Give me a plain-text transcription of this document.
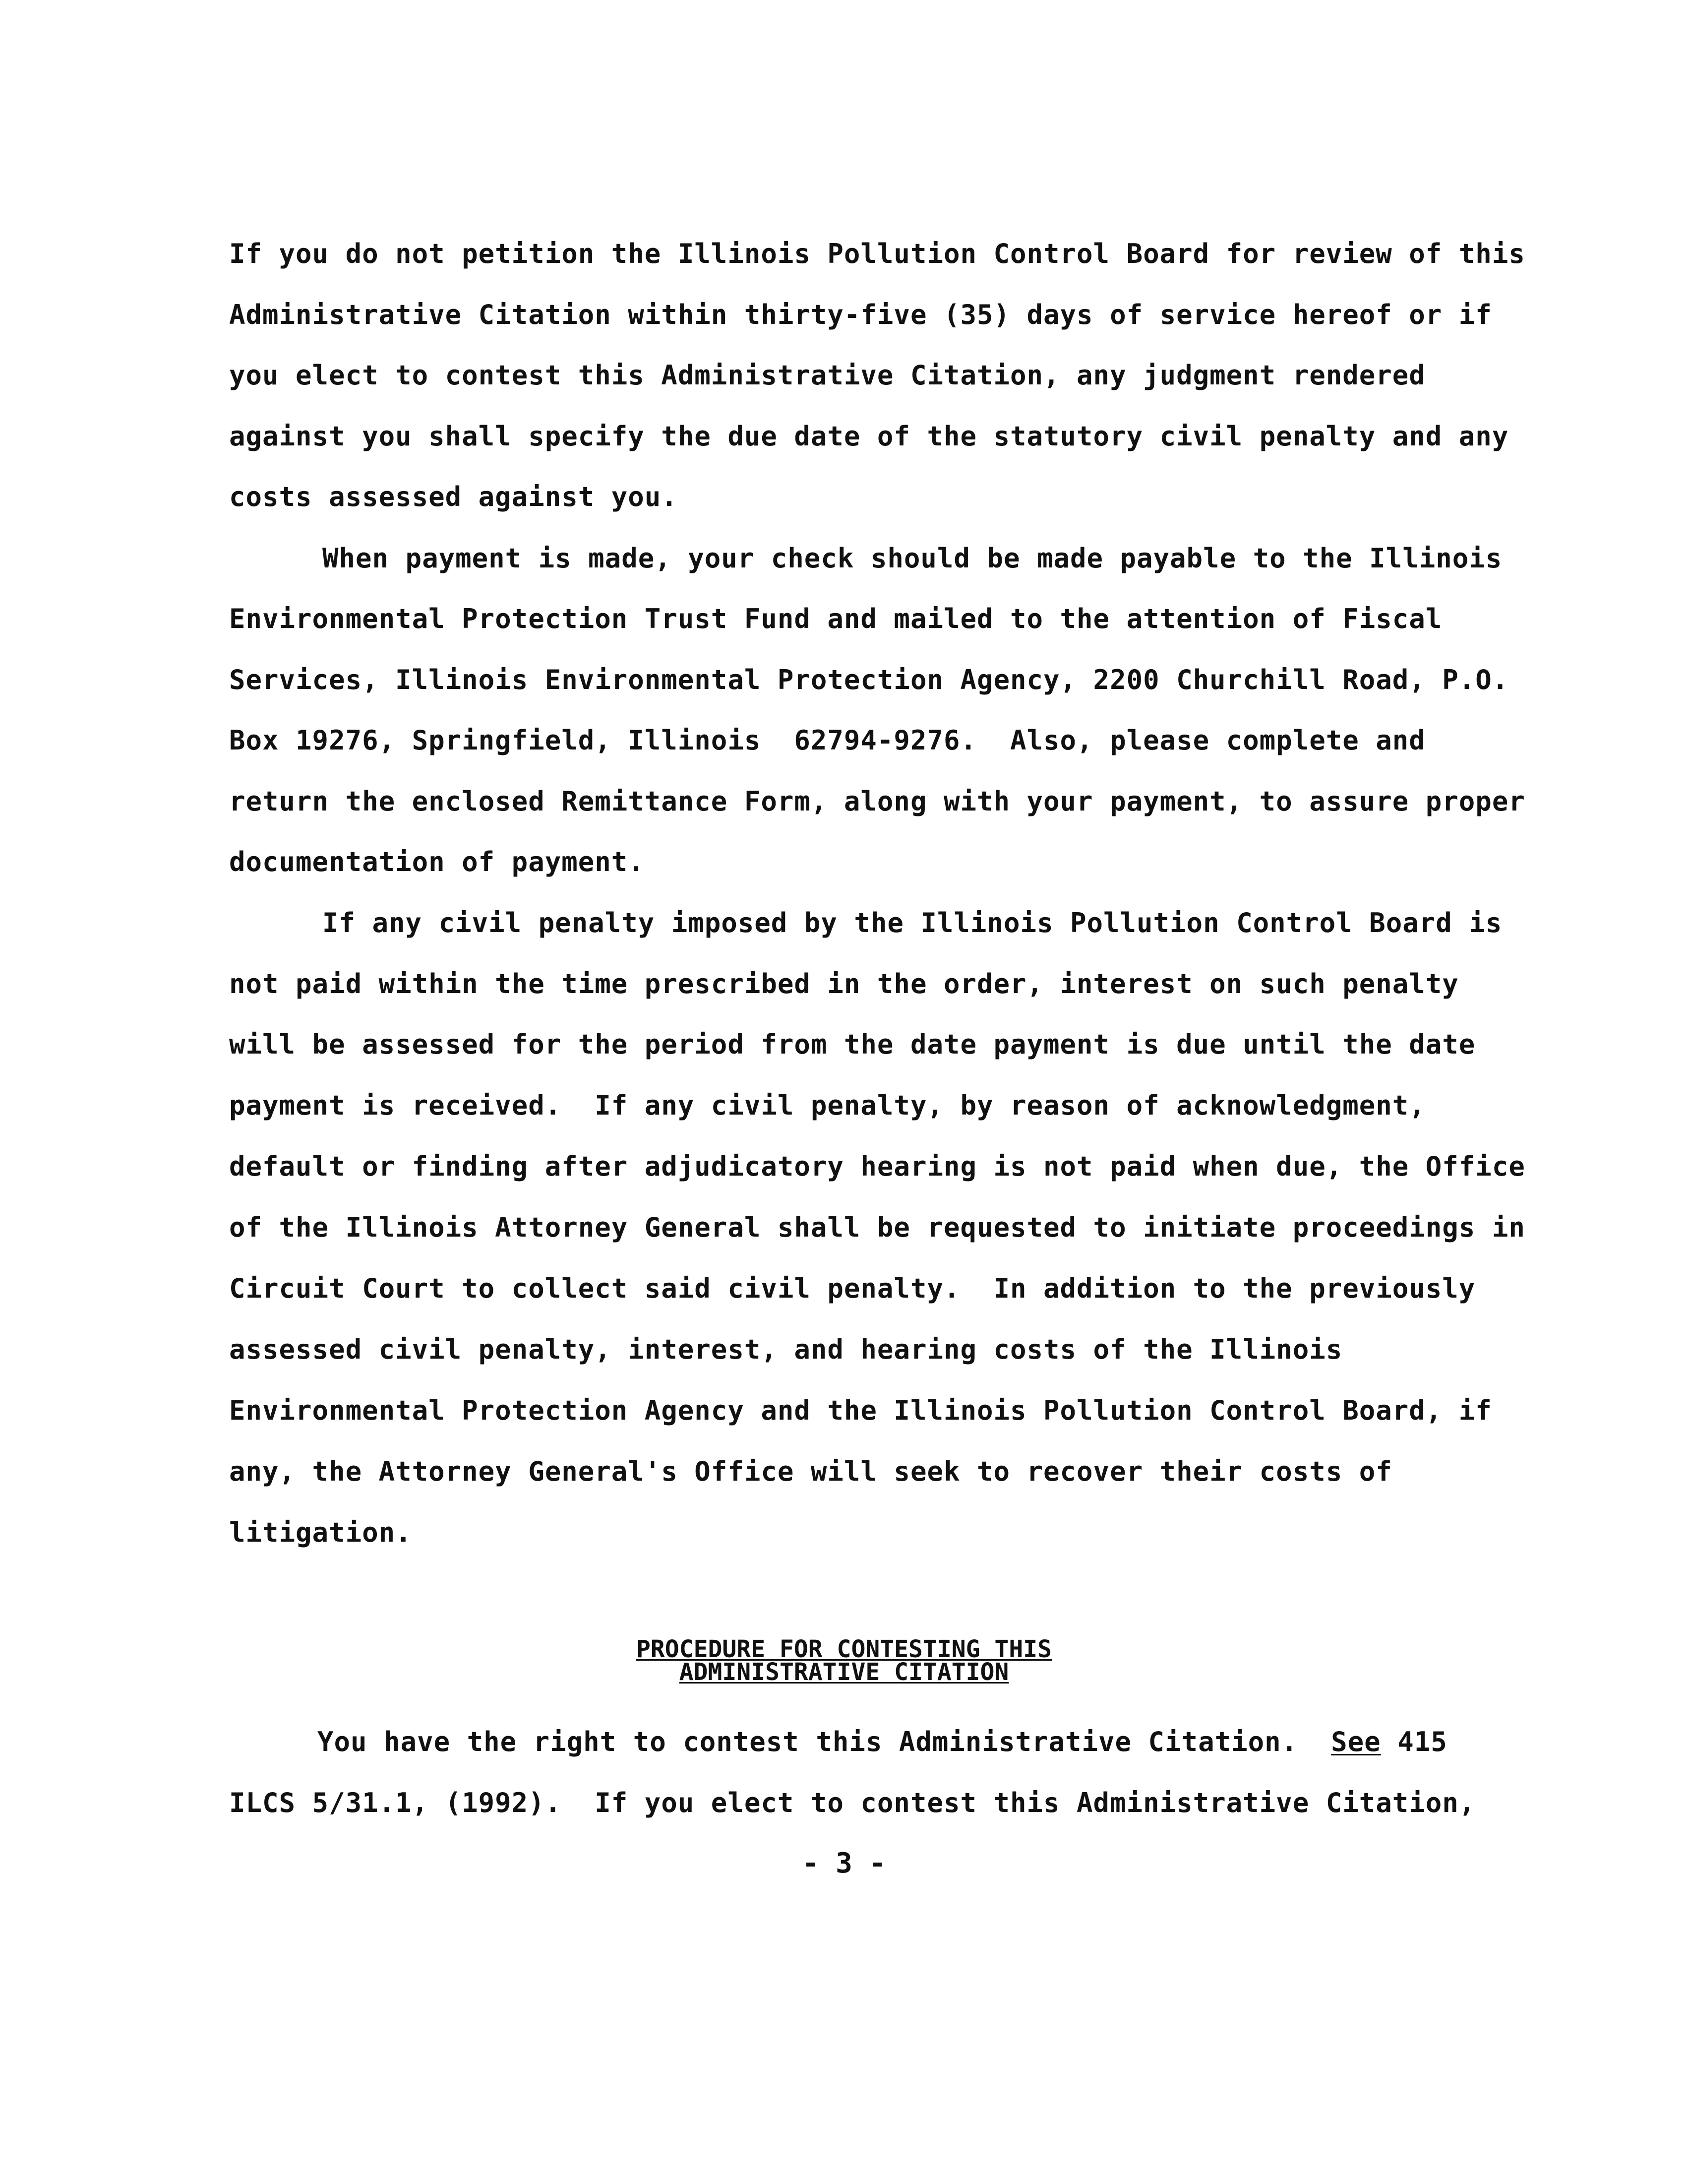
If you do not petition the Illinois Pollution Control Board for review of this
Administrative Citation within thirty-five (35) days of service hereof or if
you elect to contest this Administrative Citation, any judgment rendered
against you shall specify the due date of the statutory civil penalty and any
costs assessed against you.
When payment is made, your check should be made payable to the Illinois
Environmental Protection Trust Fund and mailed to the attention of Fiscal
Services, Illinois Environmental Protection Agency, 2200 Churchill Road, P.O.
Box 19276, Springfield, Illinois  62794-9276.  Also, please complete and
return the enclosed Remittance Form, along with your payment, to assure proper
documentation of payment.
If any civil penalty imposed by the Illinois Pollution Control Board is
not paid within the time prescribed in the order, interest on such penalty
will be assessed for the period from the date payment is due until the date
payment is received.  If any civil penalty, by reason of acknowledgment,
default or finding after adjudicatory hearing is not paid when due, the Office
of the Illinois Attorney General shall be requested to initiate proceedings in
Circuit Court to collect said civil penalty.  In addition to the previously
assessed civil penalty, interest, and hearing costs of the Illinois
Environmental Protection Agency and the Illinois Pollution Control Board, if
any, the Attorney General's Office will seek to recover their costs of
litigation.
PROCEDURE FOR CONTESTING THIS
ADMINISTRATIVE CITATION
You have the right to contest this Administrative Citation.  See 415
ILCS 5/31.1, (1992).  If you elect to contest this Administrative Citation,
- 3 -
